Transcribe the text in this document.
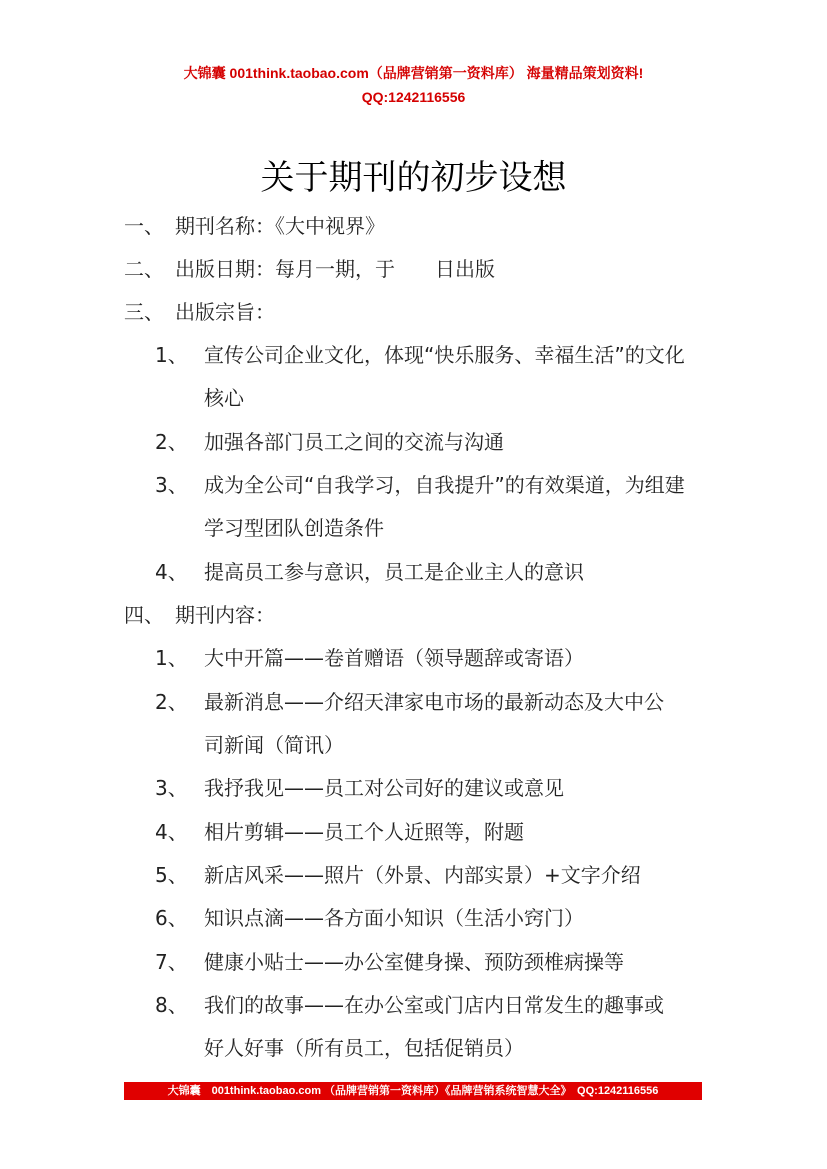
大锦囊 001think.taobao.com（品牌营销第一资料库） 海量精品策划资料!
QQ:1242116556
关于期刊的初步设想
一、 期刊名称：《大中视界》
二、 出版日期：每月一期，于　　日出版
三、 出版宗旨：
1、 宣传公司企业文化，体现“快乐服务、幸福生活”的文化
核心
2、 加强各部门员工之间的交流与沟通
3、 成为全公司“自我学习，自我提升”的有效渠道，为组建
学习型团队创造条件
4、 提高员工参与意识，员工是企业主人的意识
四、 期刊内容：
1、 大中开篇——卷首赠语（领导题辞或寄语）
2、 最新消息——介绍天津家电市场的最新动态及大中公
司新闻（简讯）
3、 我抒我见——员工对公司好的建议或意见
4、 相片剪辑——员工个人近照等，附题
5、 新店风采——照片（外景、内部实景）+文字介绍
6、 知识点滴——各方面小知识（生活小窍门）
7、 健康小贴士——办公室健身操、预防颈椎病操等
8、 我们的故事——在办公室或门店内日常发生的趣事或
好人好事（所有员工，包括促销员）
大锦囊　001think.taobao.com （品牌营销第一资料库）《品牌营销系统智慧大全》　QQ:1242116556
